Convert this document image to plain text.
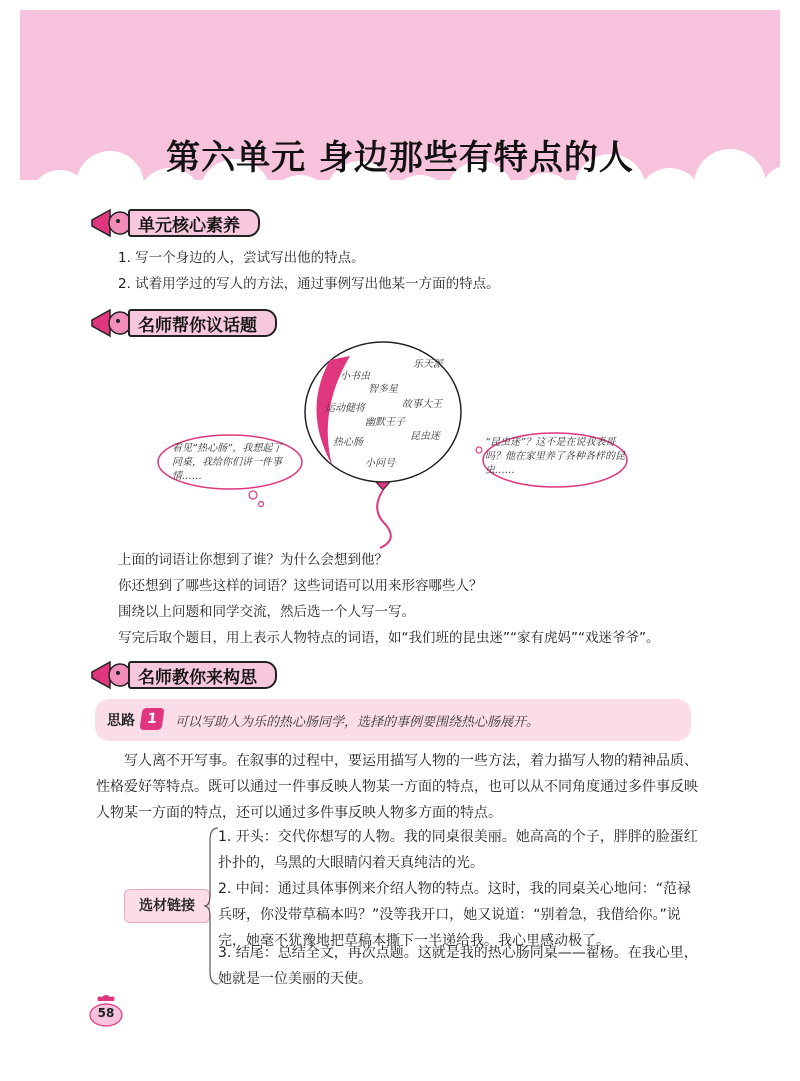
第六单元 身边那些有特点的人
单元核心素养
1. 写一个身边的人，尝试写出他的特点。
2. 试着用学过的写人的方法，通过事例写出他某一方面的特点。
名师帮你议话题
乐天派
小书虫
智多星
故事大王
运动健将
幽默王子
昆虫迷
热心肠
小问号
看见“热心肠”，我想起了同桌，我给你们讲一件事情……
“昆虫迷”？这不是在说我表哥吗？他在家里养了各种各样的昆虫……
上面的词语让你想到了谁？为什么会想到他？
你还想到了哪些这样的词语？这些词语可以用来形容哪些人？
围绕以上问题和同学交流，然后选一个人写一写。
写完后取个题目，用上表示人物特点的词语，如“我们班的昆虫迷”“家有虎妈”“戏迷爷爷”。
名师教你来构思
思路 1	可以写助人为乐的热心肠同学，选择的事例要围绕热心肠展开。
写人离不开写事。在叙事的过程中，要运用描写人物的一些方法，着力描写人物的精神品质、性格爱好等特点。既可以通过一件事反映人物某一方面的特点，也可以从不同角度通过多件事反映人物某一方面的特点，还可以通过多件事反映人物多方面的特点。
选材链接
1. 开头：交代你想写的人物。我的同桌很美丽。她高高的个子，胖胖的脸蛋红扑扑的，乌黑的大眼睛闪着天真纯洁的光。
2. 中间：通过具体事例来介绍人物的特点。这时，我的同桌关心地问：“范禄兵呀，你没带草稿本吗？”没等我开口，她又说道：“别着急，我借给你。”说完，她毫不犹豫地把草稿本撕下一半递给我。我心里感动极了。
3. 结尾：总结全文，再次点题。这就是我的热心肠同桌——翟杨。在我心里，她就是一位美丽的天使。
58
